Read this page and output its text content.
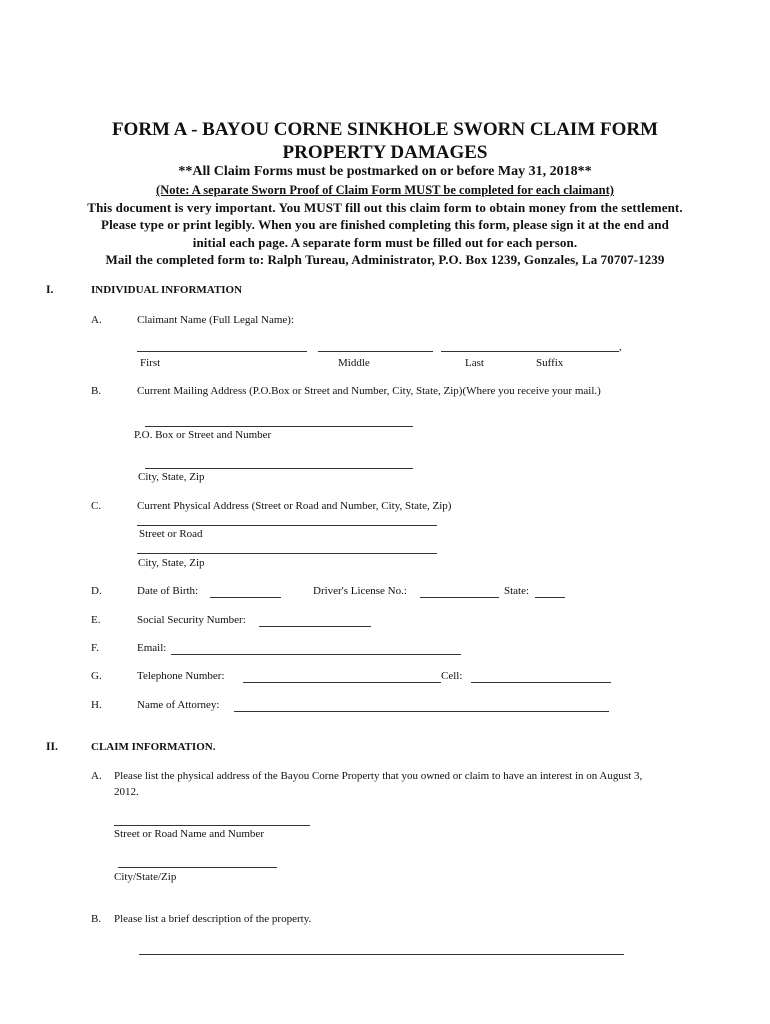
FORM A - BAYOU CORNE SINKHOLE SWORN CLAIM FORM
PROPERTY DAMAGES
**All Claim Forms must be postmarked on or before May 31, 2018**
(Note: A separate Sworn Proof of Claim Form MUST be completed for each claimant)
This document is very important. You MUST fill out this claim form to obtain money from the settlement.
Please type or print legibly. When you are finished completing this form, please sign it at the end and
initial each page. A separate form must be filled out for each person.
Mail the completed form to: Ralph Tureau, Administrator, P.O. Box 1239, Gonzales, La 70707-1239
I.	INDIVIDUAL INFORMATION
A.	Claimant Name (Full Legal Name):
,
First	Middle	Last	Suffix
B.	Current Mailing Address (P.O.Box or Street and Number, City, State, Zip)(Where you receive your mail.)
P.O. Box or Street and Number
City, State, Zip
C.	Current Physical Address (Street or Road and Number, City, State, Zip)
Street or Road
City, State, Zip
D.	Date of Birth:	Driver's License No.:	State:
E.	Social Security Number:
F.	Email:
G.	Telephone Number:	Cell:
H.	Name of Attorney:
II.	CLAIM INFORMATION.
A. Please list the physical address of the Bayou Corne Property that you owned or claim to have an interest in on August 3,
2012.
Street or Road Name and Number
City/State/Zip
B. Please list a brief description of the property.
